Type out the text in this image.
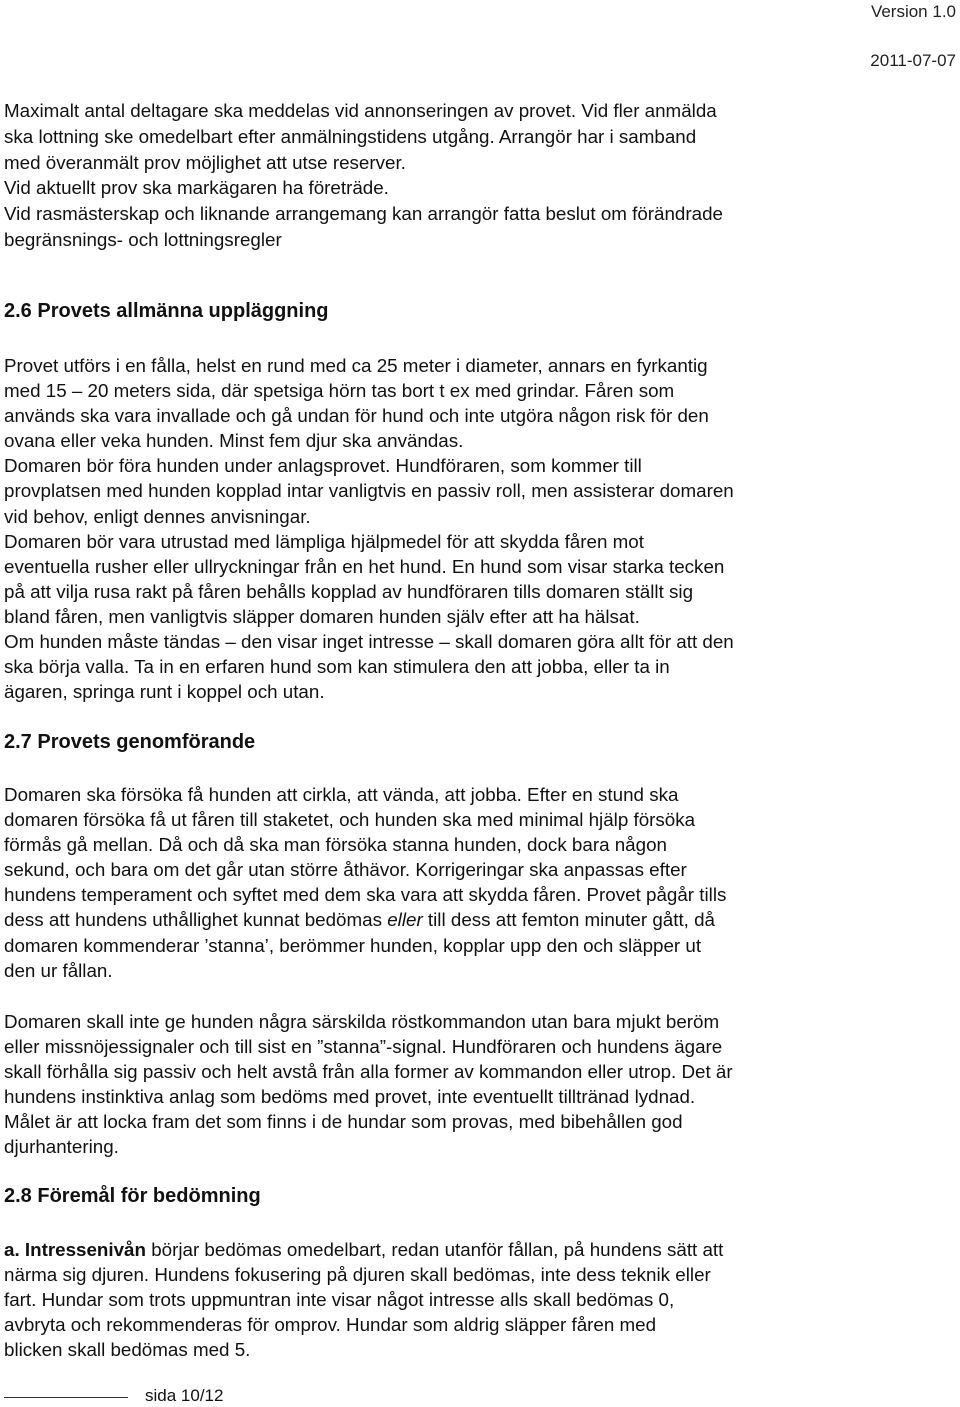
Version 1.0
2011-07-07

Maximalt antal deltagare ska meddelas vid annonseringen av provet. Vid fler anmälda

ska lottning ske omedelbart efter anmälningstidens utgång. Arrangör har i samband

med överanmält prov möjlighet att utse reserver.

Vid aktuellt prov ska markägaren ha företräde.

Vid rasmästerskap och liknande arrangemang kan arrangör fatta beslut om förändrade

begränsnings- och lottningsregler

2.6 Provets allmänna uppläggning

Provet utförs i en fålla, helst en rund med ca 25 meter i diameter, annars en fyrkantig

med 15 – 20 meters sida, där spetsiga hörn tas bort t ex med grindar. Fåren som

används ska vara invallade och gå undan för hund och inte utgöra någon risk för den

ovana eller veka hunden. Minst fem djur ska användas.

Domaren bör föra hunden under anlagsprovet. Hundföraren, som kommer till

provplatsen med hunden kopplad intar vanligtvis en passiv roll, men assisterar domaren

vid behov, enligt dennes anvisningar.

Domaren bör vara utrustad med lämpliga hjälpmedel för att skydda fåren mot

eventuella rusher eller ullryckningar från en het hund. En hund som visar starka tecken

på att vilja rusa rakt på fåren behålls kopplad av hundföraren tills domaren ställt sig

bland fåren, men vanligtvis släpper domaren hunden själv efter att ha hälsat.

Om hunden måste tändas – den visar inget intresse – skall domaren göra allt för att den

ska börja valla. Ta in en erfaren hund som kan stimulera den att jobba, eller ta in

ägaren, springa runt i koppel och utan.

2.7 Provets genomförande

Domaren ska försöka få hunden att cirkla, att vända, att jobba. Efter en stund ska

domaren försöka få ut fåren till staketet, och hunden ska med minimal hjälp försöka

förmås gå mellan. Då och då ska man försöka stanna hunden, dock bara någon

sekund, och bara om det går utan större åthävor. Korrigeringar ska anpassas efter

hundens temperament och syftet med dem ska vara att skydda fåren. Provet pågår tills

dess att hundens uthållighet kunnat bedömas eller till dess att femton minuter gått, då

domaren kommenderar ’stanna’, berömmer hunden, kopplar upp den och släpper ut

den ur fållan.

Domaren skall inte ge hunden några särskilda röstkommandon utan bara mjukt beröm

eller missnöjessignaler och till sist en ”stanna”-signal. Hundföraren och hundens ägare

skall förhålla sig passiv och helt avstå från alla former av kommandon eller utrop. Det är

hundens instinktiva anlag som bedöms med provet, inte eventuellt tilltränad lydnad.

Målet är att locka fram det som finns i de hundar som provas, med bibehållen god

djurhantering.

2.8 Föremål för bedömning

a. Intressenivån börjar bedömas omedelbart, redan utanför fållan, på hundens sätt att

närma sig djuren. Hundens fokusering på djuren skall bedömas, inte dess teknik eller

fart. Hundar som trots uppmuntran inte visar något intresse alls skall bedömas 0,

avbryta och rekommenderas för omprov. Hundar som aldrig släpper fåren med

blicken skall bedömas med 5.

sida 10/12
